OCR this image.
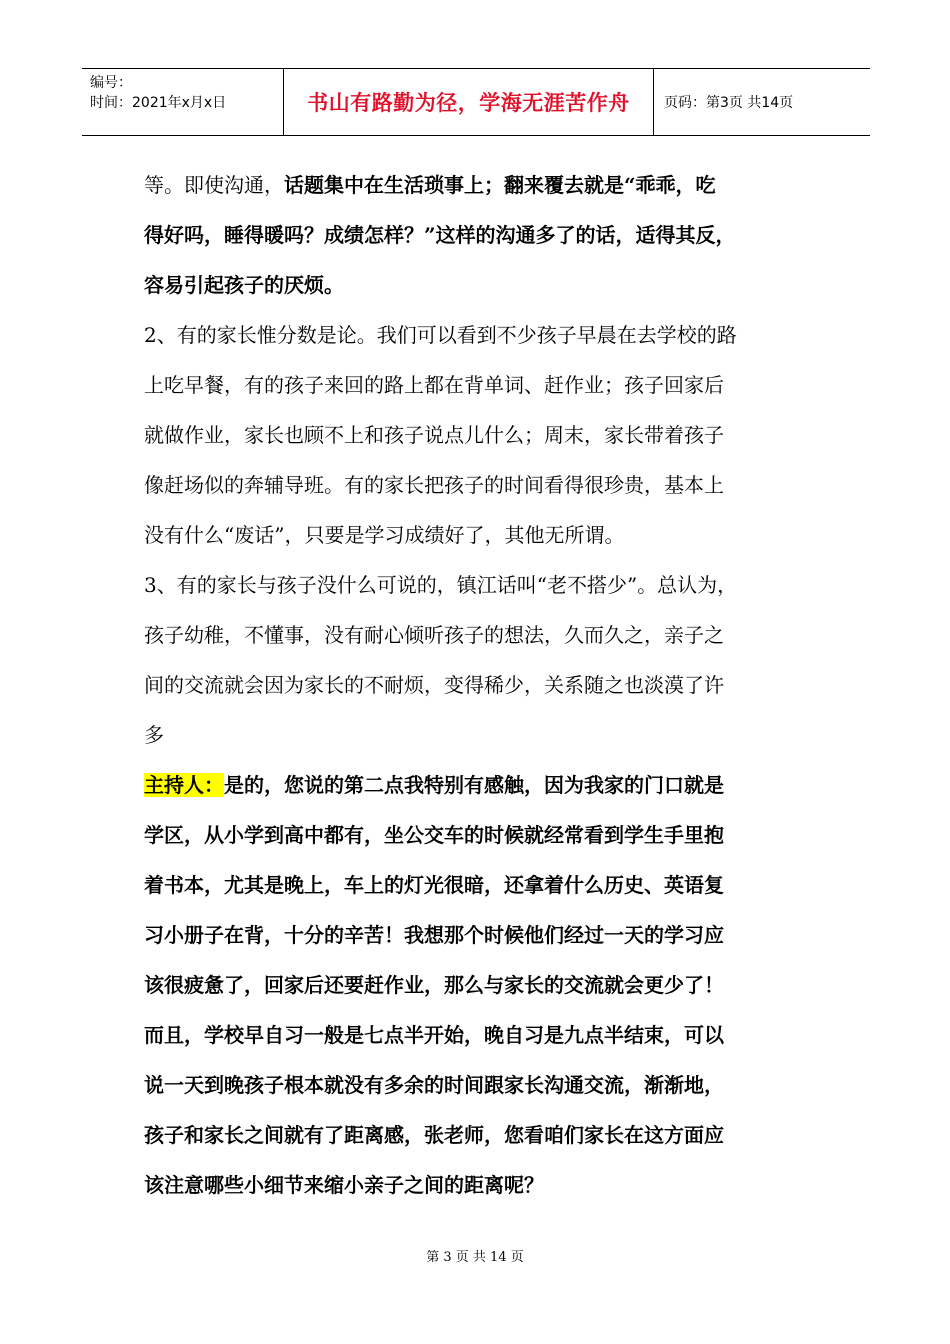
编号：
时间：2021年x月x日	书山有路勤为径，学海无涯苦作舟 页码：第3页 共14页
等。即使沟通，话题集中在生活琐事上；翻来覆去就是“乖乖，吃
得好吗，睡得暖吗？成绩怎样？”这样的沟通多了的话，适得其反，
容易引起孩子的厌烦。
2、有的家长惟分数是论。我们可以看到不少孩子早晨在去学校的路
上吃早餐，有的孩子来回的路上都在背单词、赶作业；孩子回家后
就做作业，家长也顾不上和孩子说点儿什么；周末，家长带着孩子
像赶场似的奔辅导班。有的家长把孩子的时间看得很珍贵，基本上
没有什么“废话”，只要是学习成绩好了，其他无所谓。
3、有的家长与孩子没什么可说的，镇江话叫“老不搭少”。总认为，
孩子幼稚，不懂事，没有耐心倾听孩子的想法，久而久之，亲子之
间的交流就会因为家长的不耐烦，变得稀少，关系随之也淡漠了许
多
主持人：是的，您说的第二点我特别有感触，因为我家的门口就是
学区，从小学到高中都有，坐公交车的时候就经常看到学生手里抱
着书本，尤其是晚上，车上的灯光很暗，还拿着什么历史、英语复
习小册子在背，十分的辛苦！我想那个时候他们经过一天的学习应
该很疲惫了，回家后还要赶作业，那么与家长的交流就会更少了！
而且，学校早自习一般是七点半开始，晚自习是九点半结束，可以
说一天到晚孩子根本就没有多余的时间跟家长沟通交流，渐渐地，
孩子和家长之间就有了距离感，张老师，您看咱们家长在这方面应
该注意哪些小细节来缩小亲子之间的距离呢？
第 3 页 共 14 页
